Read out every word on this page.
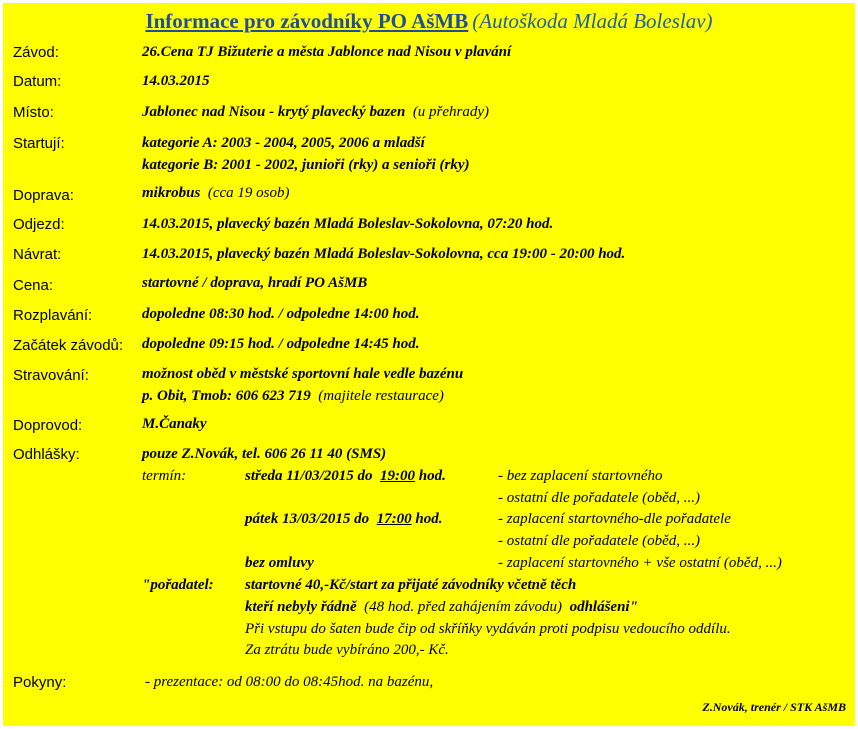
Informace pro závodníky PO AšMB (Autoškoda Mladá Boleslav)
Závod:	26.Cena TJ Bižuterie a města Jablonce nad Nisou v plavání
Datum:	14.03.2015
Místo:	Jablonec nad Nisou - krytý plavecký bazen (u přehrady)
Startují:	kategorie A: 2003 - 2004, 2005, 2006 a mladší
kategorie B: 2001 - 2002, junioři (rky) a senioři (rky)
Doprava:	mikrobus (cca 19 osob)
Odjezd:	14.03.2015, plavecký bazén Mladá Boleslav-Sokolovna, 07:20 hod.
Návrat:	14.03.2015, plavecký bazén Mladá Boleslav-Sokolovna, cca 19:00 - 20:00 hod.
Cena:	startovné / doprava, hradí PO AšMB
Rozplavání:	dopoledne 08:30 hod. / odpoledne 14:00 hod.
Začátek závodů: dopoledne 09:15 hod. / odpoledne 14:45 hod.
Stravování:	možnost oběd v městské sportovní hale vedle bazénu
p. Obit, Tmob: 606 623 719 (majitele restaurace)
Doprovod:	M.Čanaky
Odhlášky:	pouze Z.Novák, tel. 606 26 11 40 (SMS)
termín:	středa 11/03/2015 do 19:00 hod.	- bez zaplacení startovného
- ostatní dle pořadatele (oběd, ...)
pátek 13/03/2015 do 17:00 hod.	- zaplacení startovného-dle pořadatele
- ostatní dle pořadatele (oběd, ...)
bez omluvy	- zaplacení startovného + vše ostatní (oběd, ...)
"pořadatel: startovné 40,-Kč/start za přijaté závodníky včetně těch
kteří nebyly řádně (48 hod. před zahájením závodu) odhlášeni"
Při vstupu do šaten bude čip od skříňky vydáván proti podpisu vedoucího oddílu.
Za ztrátu bude vybíráno 200,- Kč.
Pokyny:	- prezentace: od 08:00 do 08:45hod. na bazénu,
Z.Novák, trenér / STK AšMB
